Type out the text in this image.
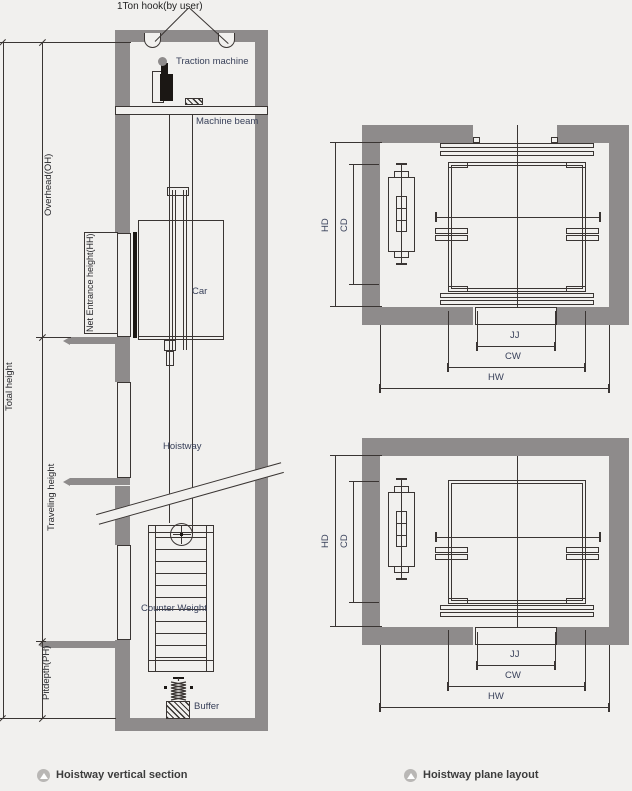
1Ton hook(by user)
Traction machine
Machine beam
Car
Hoistway
Counter Weight
Buffer
Total height
Overhead(OH)
Net Entrance height(HH)
Traveling height
Pitdepth(PH)
HD CD
JJ
CW
HW
HD CD
JJ
CW
HW
Hoistway vertical section	Hoistway plane layout
